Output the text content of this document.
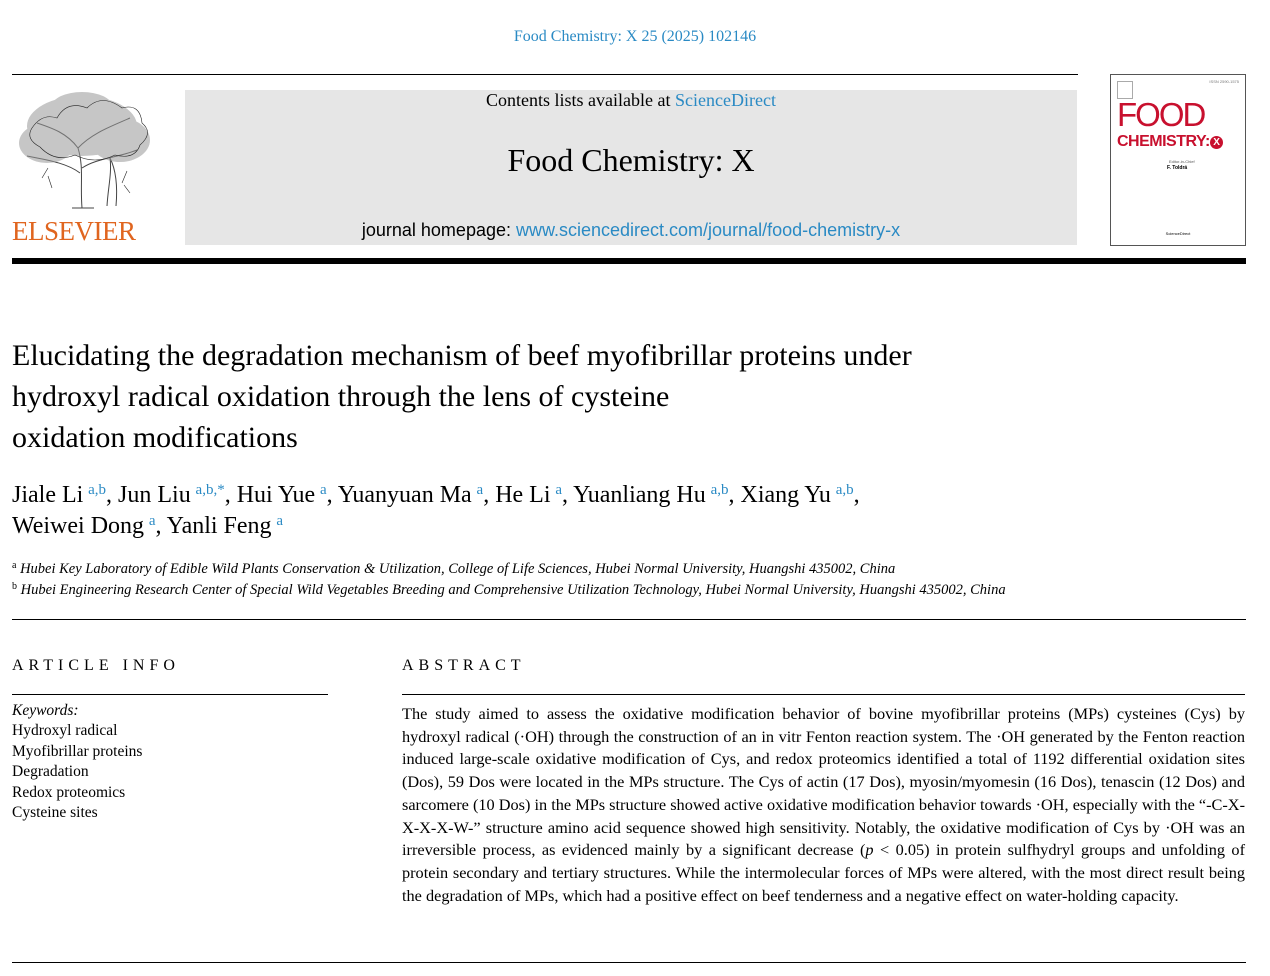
Food Chemistry: X 25 (2025) 102146
ELSEVIER
Contents lists available at ScienceDirect
Food Chemistry: X
journal homepage: www.sciencedirect.com/journal/food-chemistry-x
ISSN 2590-1575
FOOD
CHEMISTRY: X
Editor-in-Chief
F. Toldrá
ScienceDirect
Elucidating the degradation mechanism of beef myofibrillar proteins under
hydroxyl radical oxidation through the lens of cysteine
oxidation modifications
Jiale Li  $^{a,b}$, Jun Liu  $^{a,b,*}$, Hui Yue  $^a$, Yuanyuan Ma  $^a$, He Li  $^a$, Yuanliang Hu  $^{a,b}$, Xiang Yu  $^{a,b}$,
Weiwei Dong  $^a$, Yanli Feng  $^a$
$^a$ Hubei Key Laboratory of Edible Wild Plants Conservation & Utilization, College of Life Sciences, Hubei Normal University, Huangshi 435002, China
$^b$ Hubei Engineering Research Center of Special Wild Vegetables Breeding and Comprehensive Utilization Technology, Hubei Normal University, Huangshi 435002, China
ARTICLE INFO	ABSTRACT
Keywords:
Hydroxyl radical
Myofibrillar proteins
Degradation
Redox proteomics
Cysteine sites
The study aimed to assess the oxidative modification behavior of bovine myofibrillar proteins (MPs) cysteines (Cys) by hydroxyl radical (·OH) through the construction of an in vitr Fenton reaction system. The ·OH generated by the Fenton reaction induced large-scale oxidative modification of Cys, and redox proteomics identified a total of 1192 differential oxidation sites (Dos), 59 Dos were located in the MPs structure. The Cys of actin (17 Dos), myosin/myomesin (16 Dos), tenascin (12 Dos) and sarcomere (10 Dos) in the MPs structure showed active oxidative modification behavior towards ·OH, especially with the “-C-X-X-X-X-W-” structure amino acid sequence showed high sensitivity. Notably, the oxidative modification of Cys by ·OH was an irreversible process, as evidenced mainly by a significant decrease (p < 0.05) in protein sulfhydryl groups and unfolding of protein secondary and tertiary structures. While the intermolecular forces of MPs were altered, with the most direct result being the degradation of MPs, which had a positive effect on beef tenderness and a negative effect on water-holding capacity.
